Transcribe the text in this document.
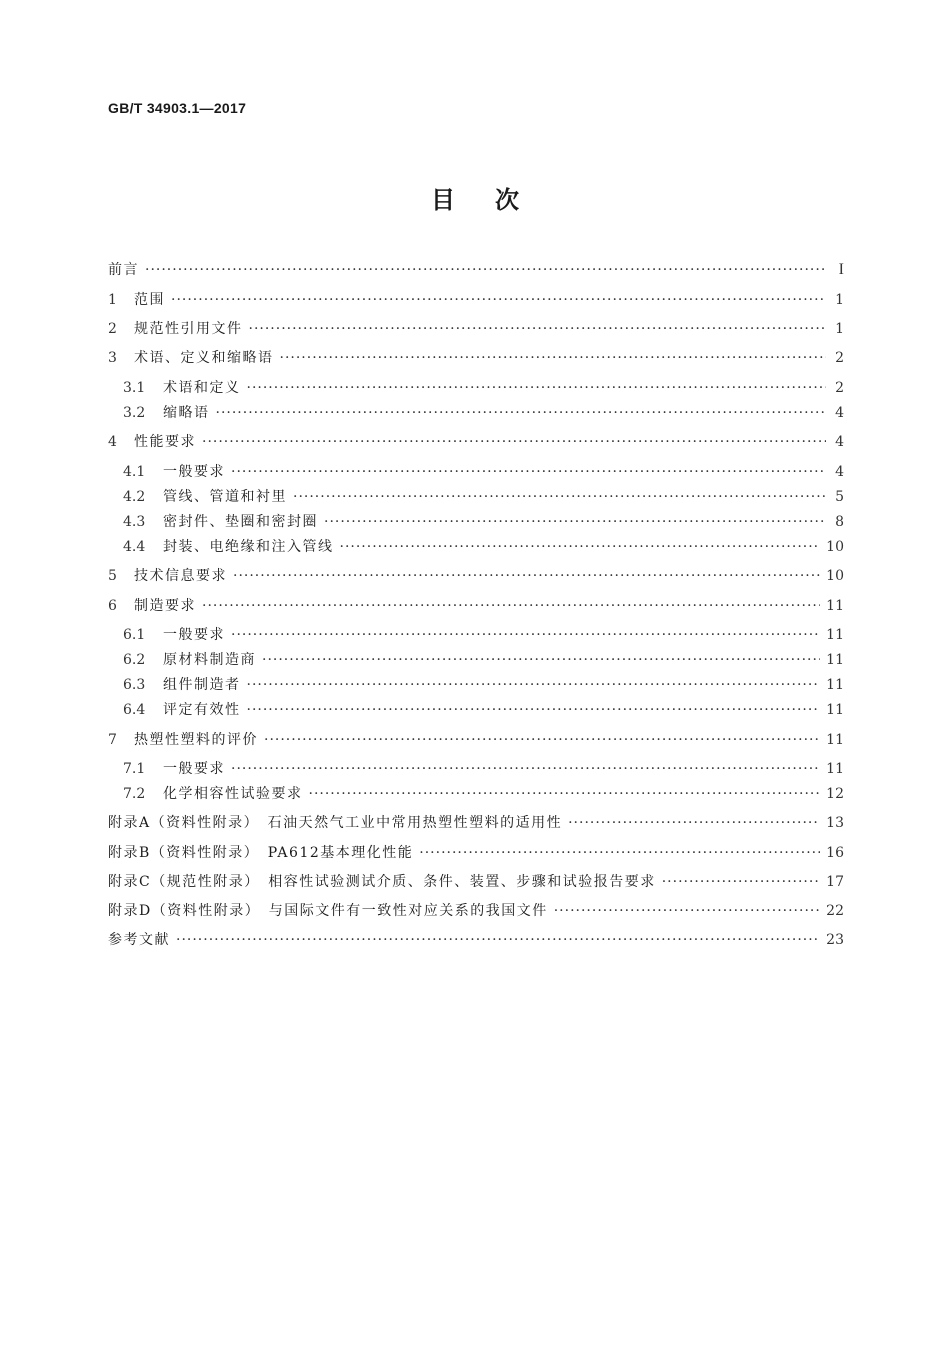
GB/T 34903.1—2017
目次
前言 ·····	I
1	范围 ·····	1
2	规范性引用文件 ·····	1
3	术语、定义和缩略语 ·····	2
3.1	术语和定义 ·····	2
3.2	缩略语 ·····	4
4	性能要求 ·····	4
4.1	一般要求 ·····	4
4.2	管线、管道和衬里 ·····	5
4.3	密封件、垫圈和密封圈 ·····	8
4.4	封装、电绝缘和注入管线 ·····	10
5	技术信息要求 ·····	10
6	制造要求 ·····	11
6.1	一般要求 ·····	11
6.2	原材料制造商 ·····	11
6.3	组件制造者 ·····	11
6.4	评定有效性 ·····	11
7	热塑性塑料的评价 ·····	11
7.1	一般要求 ·····	11
7.2	化学相容性试验要求 ·····	12
附录A（资料性附录）　石油天然气工业中常用热塑性塑料的适用性 ·····	13
附录B（资料性附录）　PA612基本理化性能 ·····	16
附录C（规范性附录）　相容性试验测试介质、条件、装置、步骤和试验报告要求 ·····	17
附录D（资料性附录）　与国际文件有一致性对应关系的我国文件 ·····	22
参考文献 ·····	23
